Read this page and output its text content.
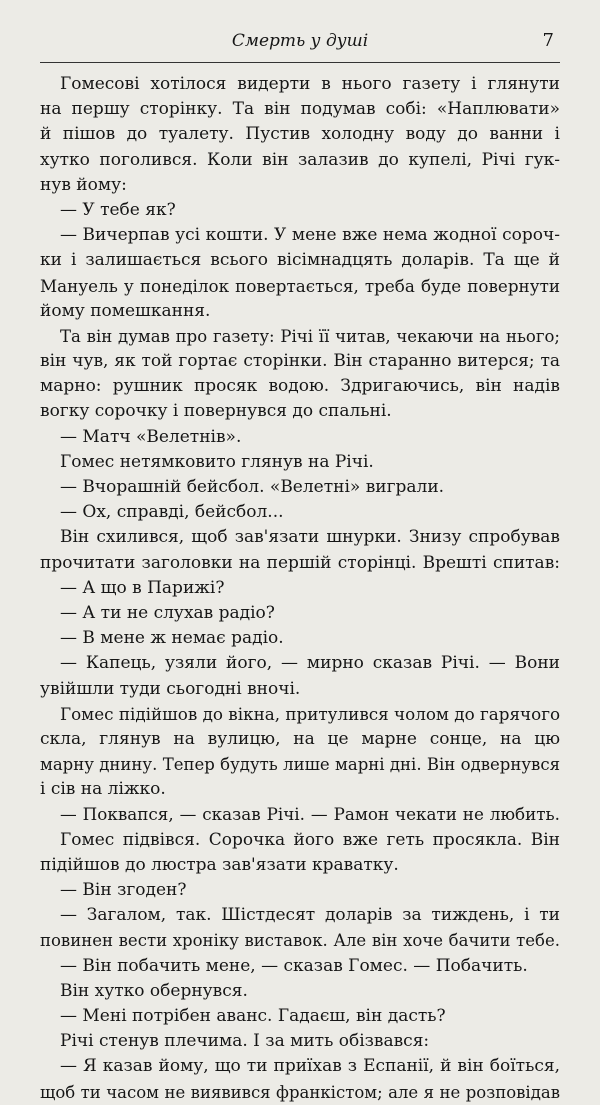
Смерть у душі	7
Гомесові хотілося видерти в нього газету і глянути
на першу сторінку. Та він подумав собі: «Наплювати»
й пішов до туалету. Пустив холодну воду до ванни і
хутко поголився. Коли він залазив до купелі, Річі гук-
нув йому:
— У тебе як?
— Вичерпав усі кошти. У мене вже нема жодної сороч-
ки і залишається всього вісімнадцять доларів. Та ще й
Мануель у понеділок повертається, треба буде повернути
йому помешкання.
Та він думав про газету: Річі її читав, чекаючи на нього;
він чув, як той гортає сторінки. Він старанно витерся; та
марно: рушник просяк водою. Здригаючись, він надів
вогку сорочку і повернувся до спальні.
— Матч «Велетнів».
Гомес нетямковито глянув на Річі.
— Вчорашній бейсбол. «Велетні» виграли.
— Ох, справді, бейсбол...
Він схилився, щоб зав'язати шнурки. Знизу спробував
прочитати заголовки на першій сторінці. Врешті спитав:
— А що в Парижі?
— А ти не слухав радіо?
— В мене ж немає радіо.
— Капець, узяли його, — мирно сказав Річі. — Вони
увійшли туди сьогодні вночі.
Гомес підійшов до вікна, притулився чолом до гарячого
скла, глянув на вулицю, на це марне сонце, на цю
марну днину. Тепер будуть лише марні дні. Він одвернувся
і сів на ліжко.
— Поквапся, — сказав Річі. — Рамон чекати не любить.
Гомес підвівся. Сорочка його вже геть просякла. Він
підійшов до люстра зав'язати краватку.
— Він згоден?
— Загалом, так. Шістдесят доларів за тиждень, і ти
повинен вести хроніку виставок. Але він хоче бачити тебе.
— Він побачить мене, — сказав Гомес. — Побачить.
Він хутко обернувся.
— Мені потрібен аванс. Гадаєш, він дасть?
Річі стенув плечима. І за мить обізвався:
— Я казав йому, що ти приїхав з Еспанії, й він боїться,
щоб ти часом не виявився франкістом; але я не розповідав
